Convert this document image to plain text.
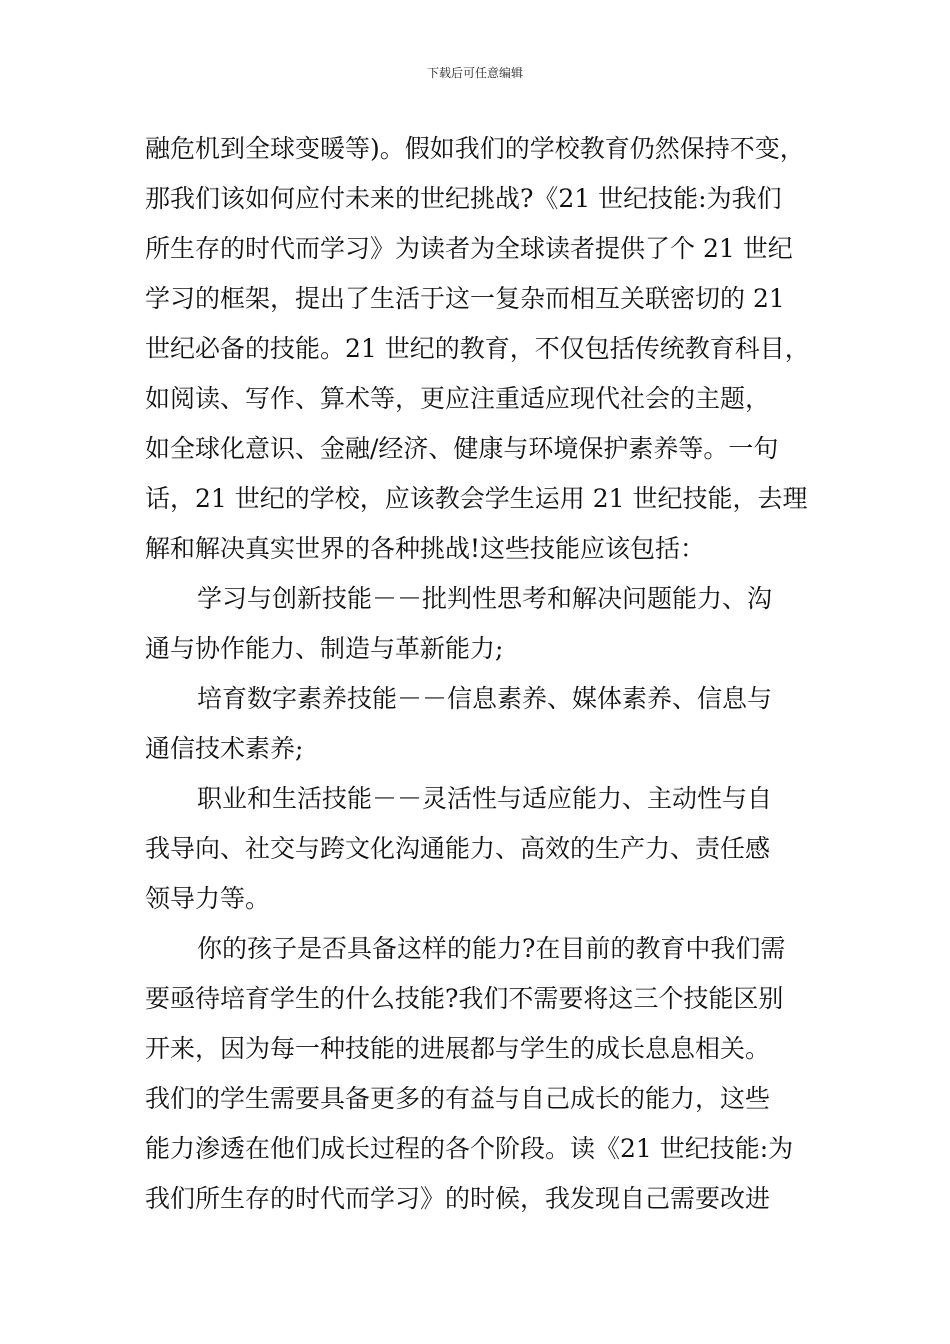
下载后可任意编辑
融危机到全球变暖等)。假如我们的学校教育仍然保持不变，
那我们该如何应付未来的世纪挑战?《21 世纪技能:为我们
所生存的时代而学习》为读者为全球读者提供了个 21 世纪
学习的框架，提出了生活于这一复杂而相互关联密切的 21
世纪必备的技能。21 世纪的教育，不仅包括传统教育科目，
如阅读、写作、算术等，更应注重适应现代社会的主题，
如全球化意识、金融/经济、健康与环境保护素养等。一句
话，21 世纪的学校，应该教会学生运用 21 世纪技能，去理
解和解决真实世界的各种挑战!这些技能应该包括：
学习与创新技能－－批判性思考和解决问题能力、沟
通与协作能力、制造与革新能力;
培育数字素养技能－－信息素养、媒体素养、信息与
通信技术素养;
职业和生活技能－－灵活性与适应能力、主动性与自
我导向、社交与跨文化沟通能力、高效的生产力、责任感
领导力等。
你的孩子是否具备这样的能力?在目前的教育中我们需
要亟待培育学生的什么技能?我们不需要将这三个技能区别
开来，因为每一种技能的进展都与学生的成长息息相关。
我们的学生需要具备更多的有益与自己成长的能力，这些
能力渗透在他们成长过程的各个阶段。读《21 世纪技能:为
我们所生存的时代而学习》的时候，我发现自己需要改进
